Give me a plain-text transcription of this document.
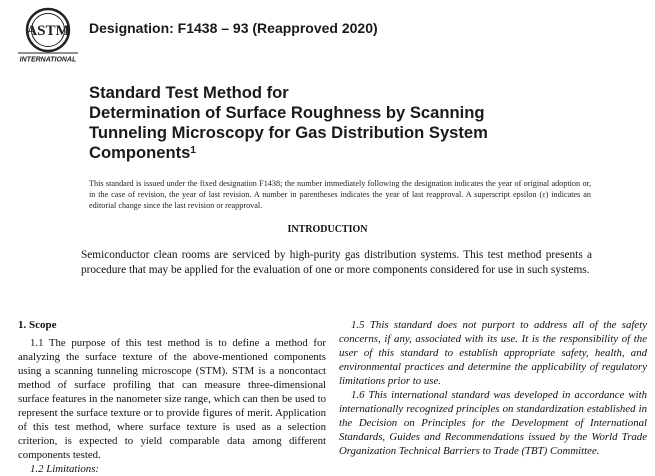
ASTM
INTERNATIONAL
Designation: F1438 – 93 (Reapproved 2020)
Standard Test Method for
Determination of Surface Roughness by Scanning
Tunneling Microscopy for Gas Distribution System
Components$^1$
This standard is issued under the fixed designation F1438; the number immediately following the designation indicates the year of original adoption or, in the case of revision, the year of last revision. A number in parentheses indicates the year of last reapproval. A superscript epsilon (ε) indicates an editorial change since the last revision or reapproval.
INTRODUCTION
Semiconductor clean rooms are serviced by high-purity gas distribution systems. This test method presents a procedure that may be applied for the evaluation of one or more components considered for use in such systems.
1. Scope

1.1 The purpose of this test method is to define a method for analyzing the surface texture of the above-mentioned components using a scanning tunneling microscope (STM). STM is a noncontact method of surface profiling that can measure three-dimensional surface features in the nanometer size range, which can then be used to represent the surface texture or to provide figures of merit. Application of this test method, where surface texture is used as a selection criterion, is expected to yield comparable data among different components tested.

1.2 Limitations:

1.5 This standard does not purport to address all of the safety concerns, if any, associated with its use. It is the responsibility of the user of this standard to establish appropriate safety, health, and environmental practices and determine the applicability of regulatory limitations prior to use.

1.6 This international standard was developed in accordance with internationally recognized principles on standardization established in the Decision on Principles for the Development of International Standards, Guides and Recommendations issued by the World Trade Organization Technical Barriers to Trade (TBT) Committee.
